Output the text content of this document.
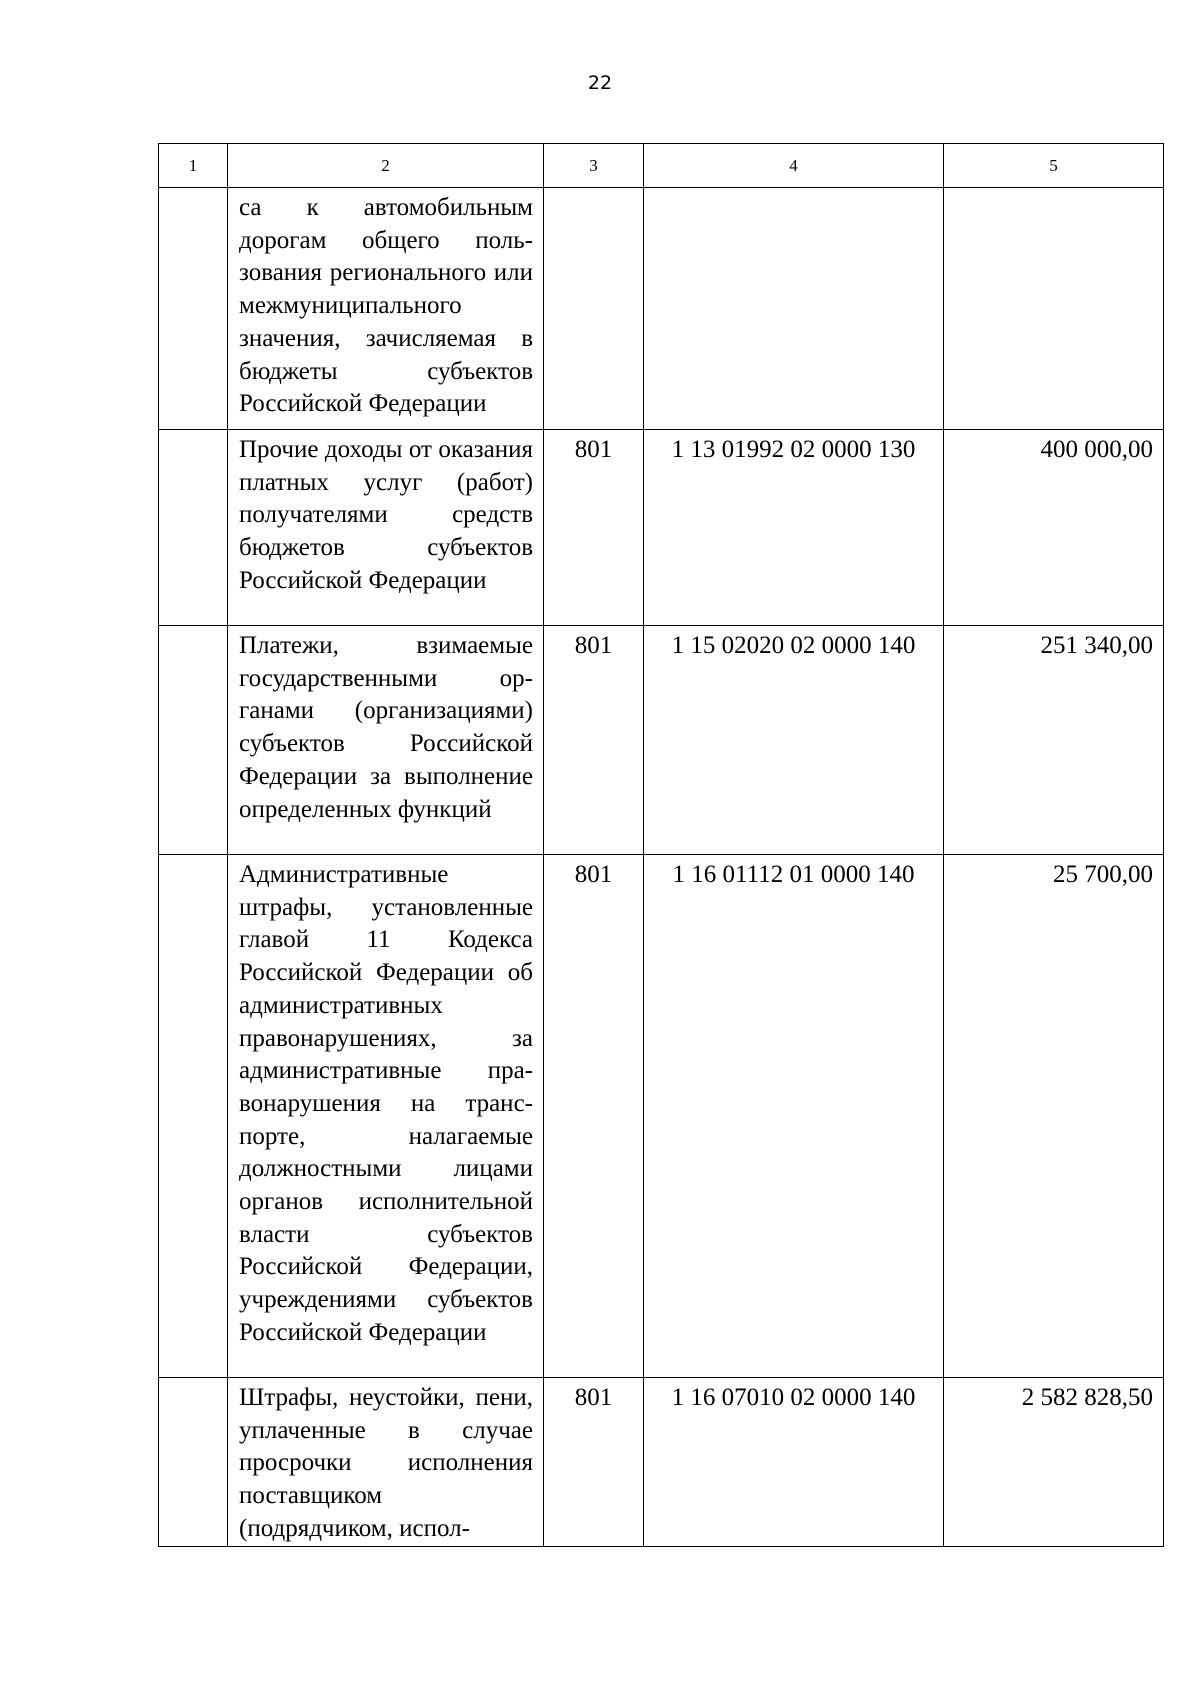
22
1	2	3	4	5

	са к автомобильным дорогам общего пользования регионального или межмуниципального значения, зачисляемая в бюджеты субъектов Российской Федерации			

	Прочие доходы от оказания платных услуг (работ) получателями средств бюджетов субъектов Российской Федерации	801	1 13 01992 02 0000 130	400 000,00

	Платежи, взимаемые государственными органами (организациями) субъектов Российской Федерации за выполнение определенных функций	801	1 15 02020 02 0000 140	251 340,00

	Административные штрафы, установленные главой 11 Кодекса Российской Федерации об административных правонарушениях, за административные правонарушения на транспорте, налагаемые должностными лицами органов исполнительной власти субъектов Российской Федерации, учреждениями субъектов Российской Федерации	801	1 16 01112 01 0000 140	25 700,00

	Штрафы, неустойки, пени, уплаченные в случае просрочки исполнения поставщиком (подрядчиком, испол-	801	1 16 07010 02 0000 140	2 582 828,50
